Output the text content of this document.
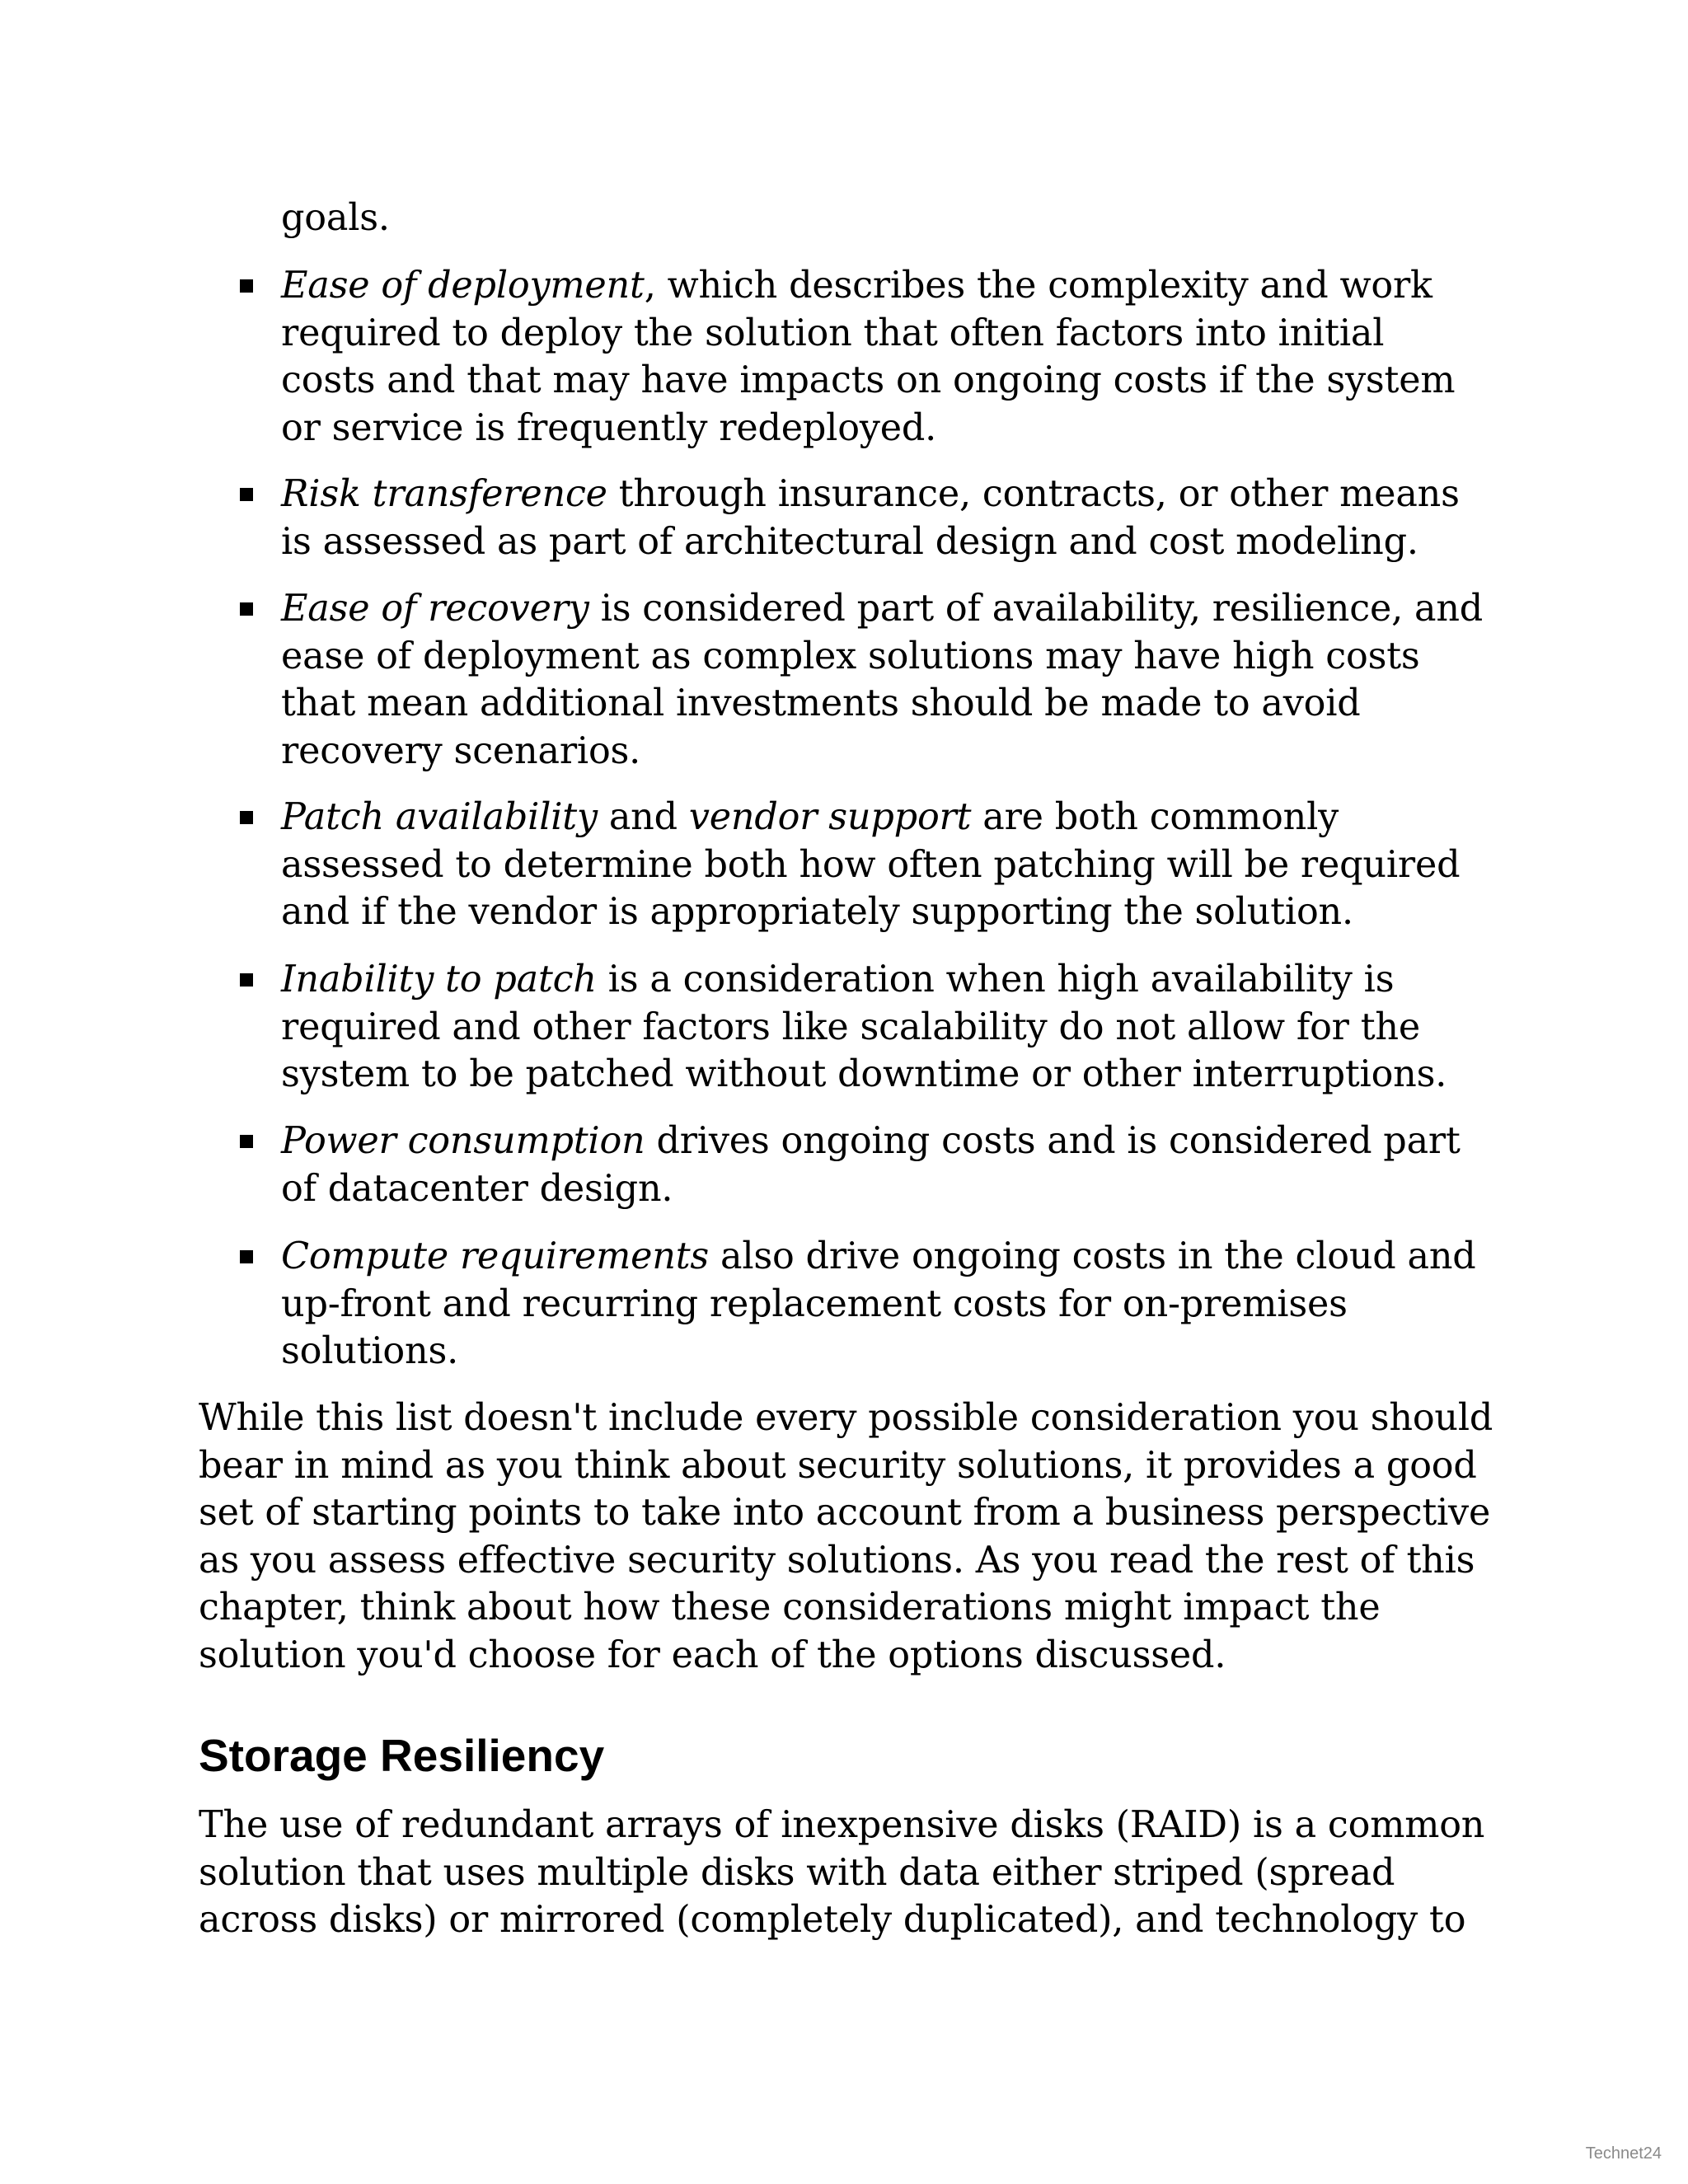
goals.

Ease of deployment, which describes the complexity and work required to deploy the solution that often factors into initial costs and that may have impacts on ongoing costs if the system or service is frequently redeployed.

Risk transference through insurance, contracts, or other means is assessed as part of architectural design and cost modeling.

Ease of recovery is considered part of availability, resilience, and ease of deployment as complex solutions may have high costs that mean additional investments should be made to avoid recovery scenarios.

Patch availability and vendor support are both commonly assessed to determine both how often patching will be required and if the vendor is appropriately supporting the solution.

Inability to patch is a consideration when high availability is required and other factors like scalability do not allow for the system to be patched without downtime or other interruptions.

Power consumption drives ongoing costs and is considered part of datacenter design.

Compute requirements also drive ongoing costs in the cloud and up-front and recurring replacement costs for on-premises solutions.

While this list doesn't include every possible consideration you should bear in mind as you think about security solutions, it provides a good set of starting points to take into account from a business perspective as you assess effective security solutions. As you read the rest of this chapter, think about how these considerations might impact the solution you'd choose for each of the options discussed.

Storage Resiliency

The use of redundant arrays of inexpensive disks (RAID) is a common solution that uses multiple disks with data either striped (spread across disks) or mirrored (completely duplicated), and technology to

Technet24
